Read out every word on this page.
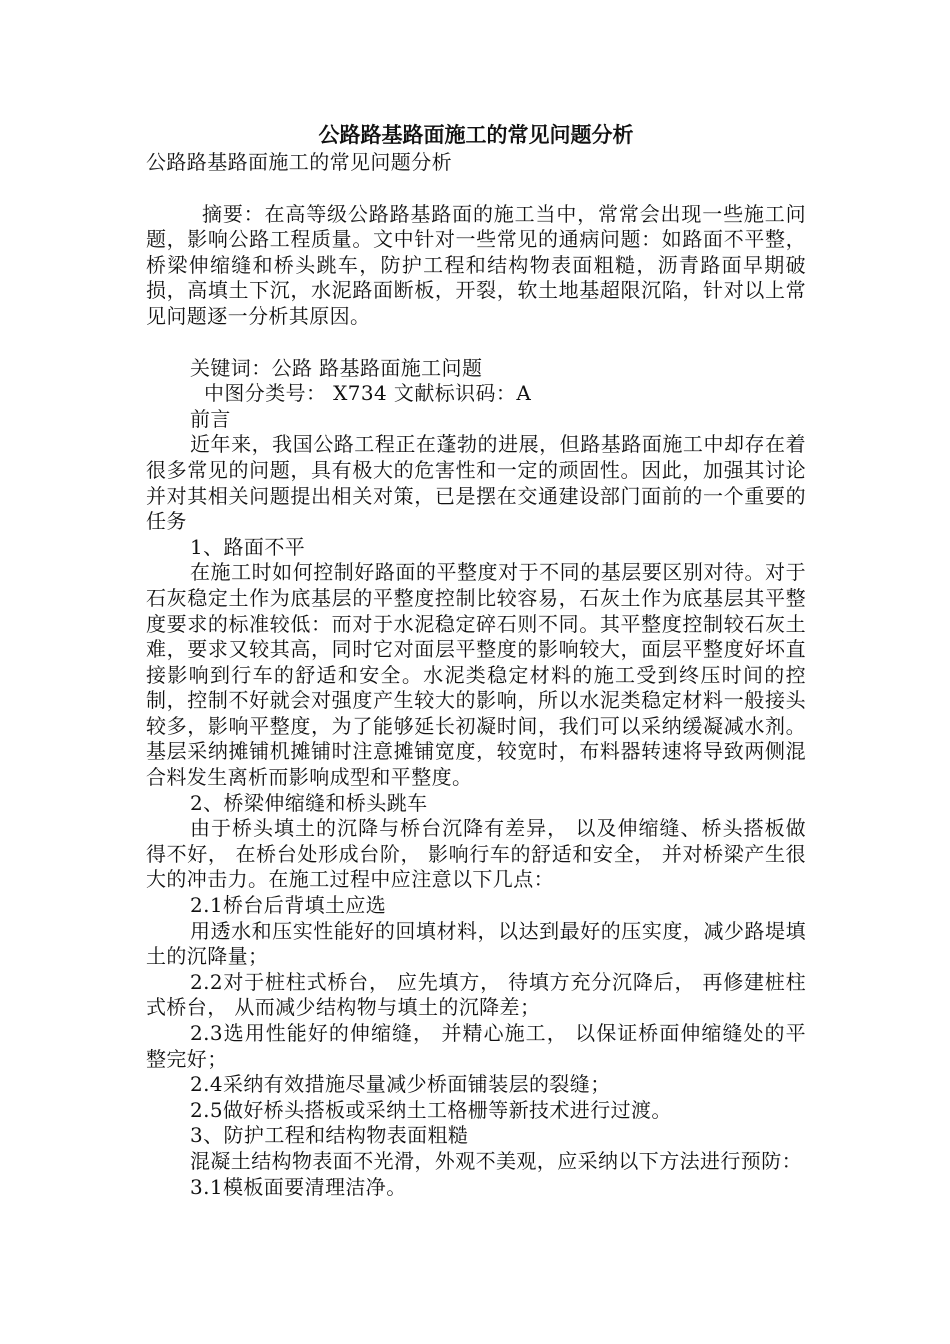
公路路基路面施工的常见问题分析

公路路基路面施工的常见问题分析

摘要：在高等级公路路基路面的施工当中，常常会出现一些施工问题，影响公路工程质量。文中针对一些常见的通病问题：如路面不平整，桥梁伸缩缝和桥头跳车，防护工程和结构物表面粗糙，沥青路面早期破损，高填土下沉，水泥路面断板，开裂，软土地基超限沉陷，针对以上常见问题逐一分析其原因。

关键词：公路 路基路面施工问题

中图分类号： X734 文献标识码：A

前言

近年来，我国公路工程正在蓬勃的进展，但路基路面施工中却存在着很多常见的问题，具有极大的危害性和一定的顽固性。因此，加强其讨论并对其相关问题提出相关对策，已是摆在交通建设部门面前的一个重要的任务

1、路面不平

在施工时如何控制好路面的平整度对于不同的基层要区别对待。对于石灰稳定土作为底基层的平整度控制比较容易，石灰土作为底基层其平整度要求的标准较低：而对于水泥稳定碎石则不同。其平整度控制较石灰土难，要求又较其高，同时它对面层平整度的影响较大，面层平整度好坏直接影响到行车的舒适和安全。水泥类稳定材料的施工受到终压时间的控制，控制不好就会对强度产生较大的影响，所以水泥类稳定材料一般接头较多，影响平整度，为了能够延长初凝时间，我们可以采纳缓凝减水剂。基层采纳摊铺机摊铺时注意摊铺宽度，较宽时，布料器转速将导致两侧混合料发生离析而影响成型和平整度。

2、桥梁伸缩缝和桥头跳车

由于桥头填土的沉降与桥台沉降有差异， 以及伸缩缝、桥头搭板做得不好， 在桥台处形成台阶， 影响行车的舒适和安全， 并对桥梁产生很大的冲击力。在施工过程中应注意以下几点：

2.1桥台后背填土应选

用透水和压实性能好的回填材料，以达到最好的压实度，减少路堤填土的沉降量；

2.2对于桩柱式桥台， 应先填方， 待填方充分沉降后， 再修建桩柱式桥台， 从而减少结构物与填土的沉降差；

2.3选用性能好的伸缩缝， 并精心施工， 以保证桥面伸缩缝处的平整完好；

2.4采纳有效措施尽量减少桥面铺装层的裂缝；

2.5做好桥头搭板或采纳土工格栅等新技术进行过渡。

3、防护工程和结构物表面粗糙

混凝土结构物表面不光滑，外观不美观，应采纳以下方法进行预防：

3.1模板面要清理洁净。
